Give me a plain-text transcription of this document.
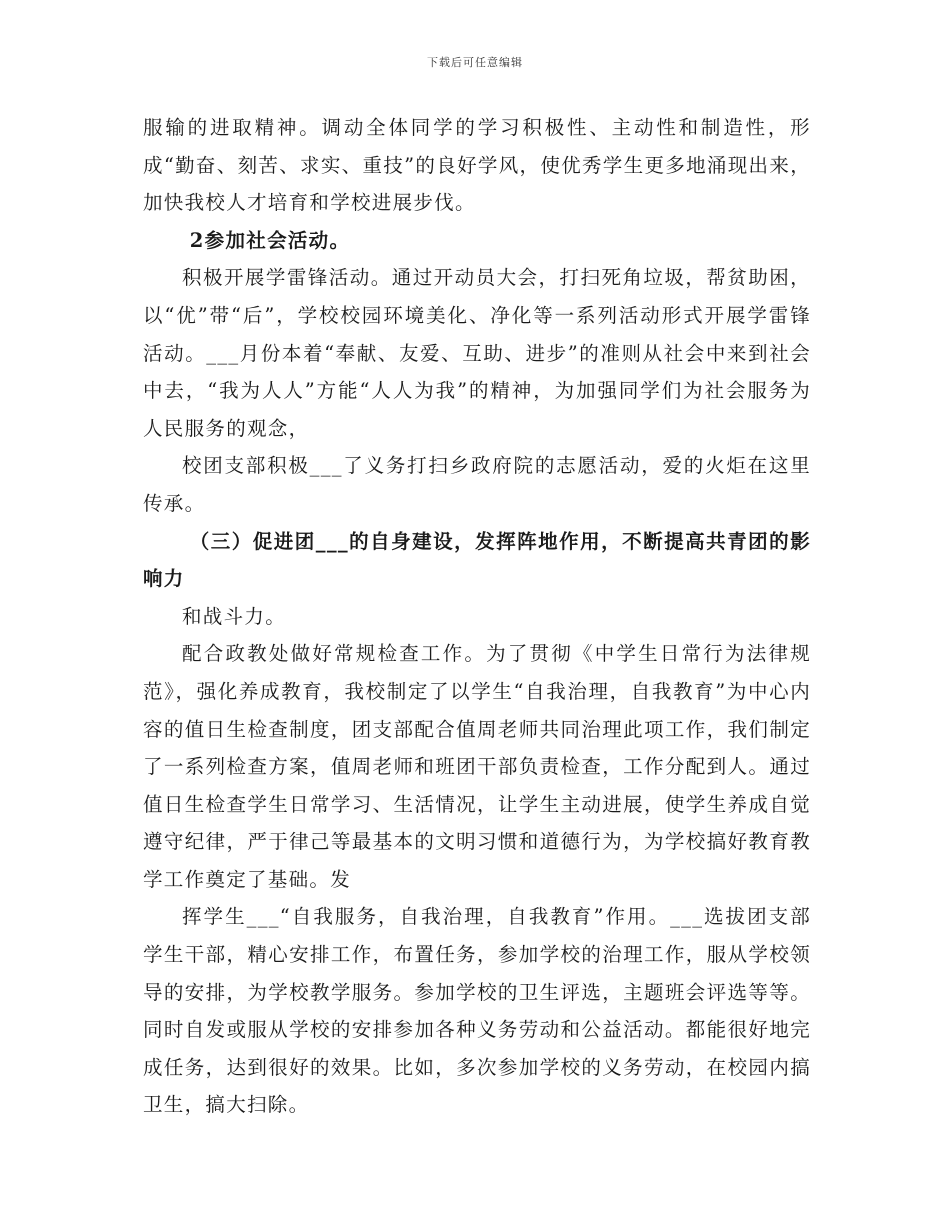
下载后可任意编辑

服输的进取精神。调动全体同学的学习积极性、主动性和制造性，形成“勤奋、刻苦、求实、重技”的良好学风，使优秀学生更多地涌现出来，加快我校人才培育和学校进展步伐。

2参加社会活动。

积极开展学雷锋活动。通过开动员大会，打扫死角垃圾，帮贫助困，以“优”带“后”，学校校园环境美化、净化等一系列活动形式开展学雷锋活动。___月份本着“奉献、友爱、互助、进步”的准则从社会中来到社会中去，“我为人人”方能“人人为我”的精神，为加强同学们为社会服务为人民服务的观念，

校团支部积极___了义务打扫乡政府院的志愿活动，爱的火炬在这里传承。

（三）促进团___的自身建设，发挥阵地作用，不断提高共青团的影响力

和战斗力。

配合政教处做好常规检查工作。为了贯彻《中学生日常行为法律规范》，强化养成教育，我校制定了以学生“自我治理，自我教育”为中心内容的值日生检查制度，团支部配合值周老师共同治理此项工作，我们制定了一系列检查方案，值周老师和班团干部负责检查，工作分配到人。通过值日生检查学生日常学习、生活情况，让学生主动进展，使学生养成自觉遵守纪律，严于律己等最基本的文明习惯和道德行为，为学校搞好教育教学工作奠定了基础。发

挥学生___“自我服务，自我治理，自我教育”作用。___选拔团支部学生干部，精心安排工作，布置任务，参加学校的治理工作，服从学校领导的安排，为学校教学服务。参加学校的卫生评选，主题班会评选等等。同时自发或服从学校的安排参加各种义务劳动和公益活动。都能很好地完成任务，达到很好的效果。比如，多次参加学校的义务劳动，在校园内搞卫生，搞大扫除。
